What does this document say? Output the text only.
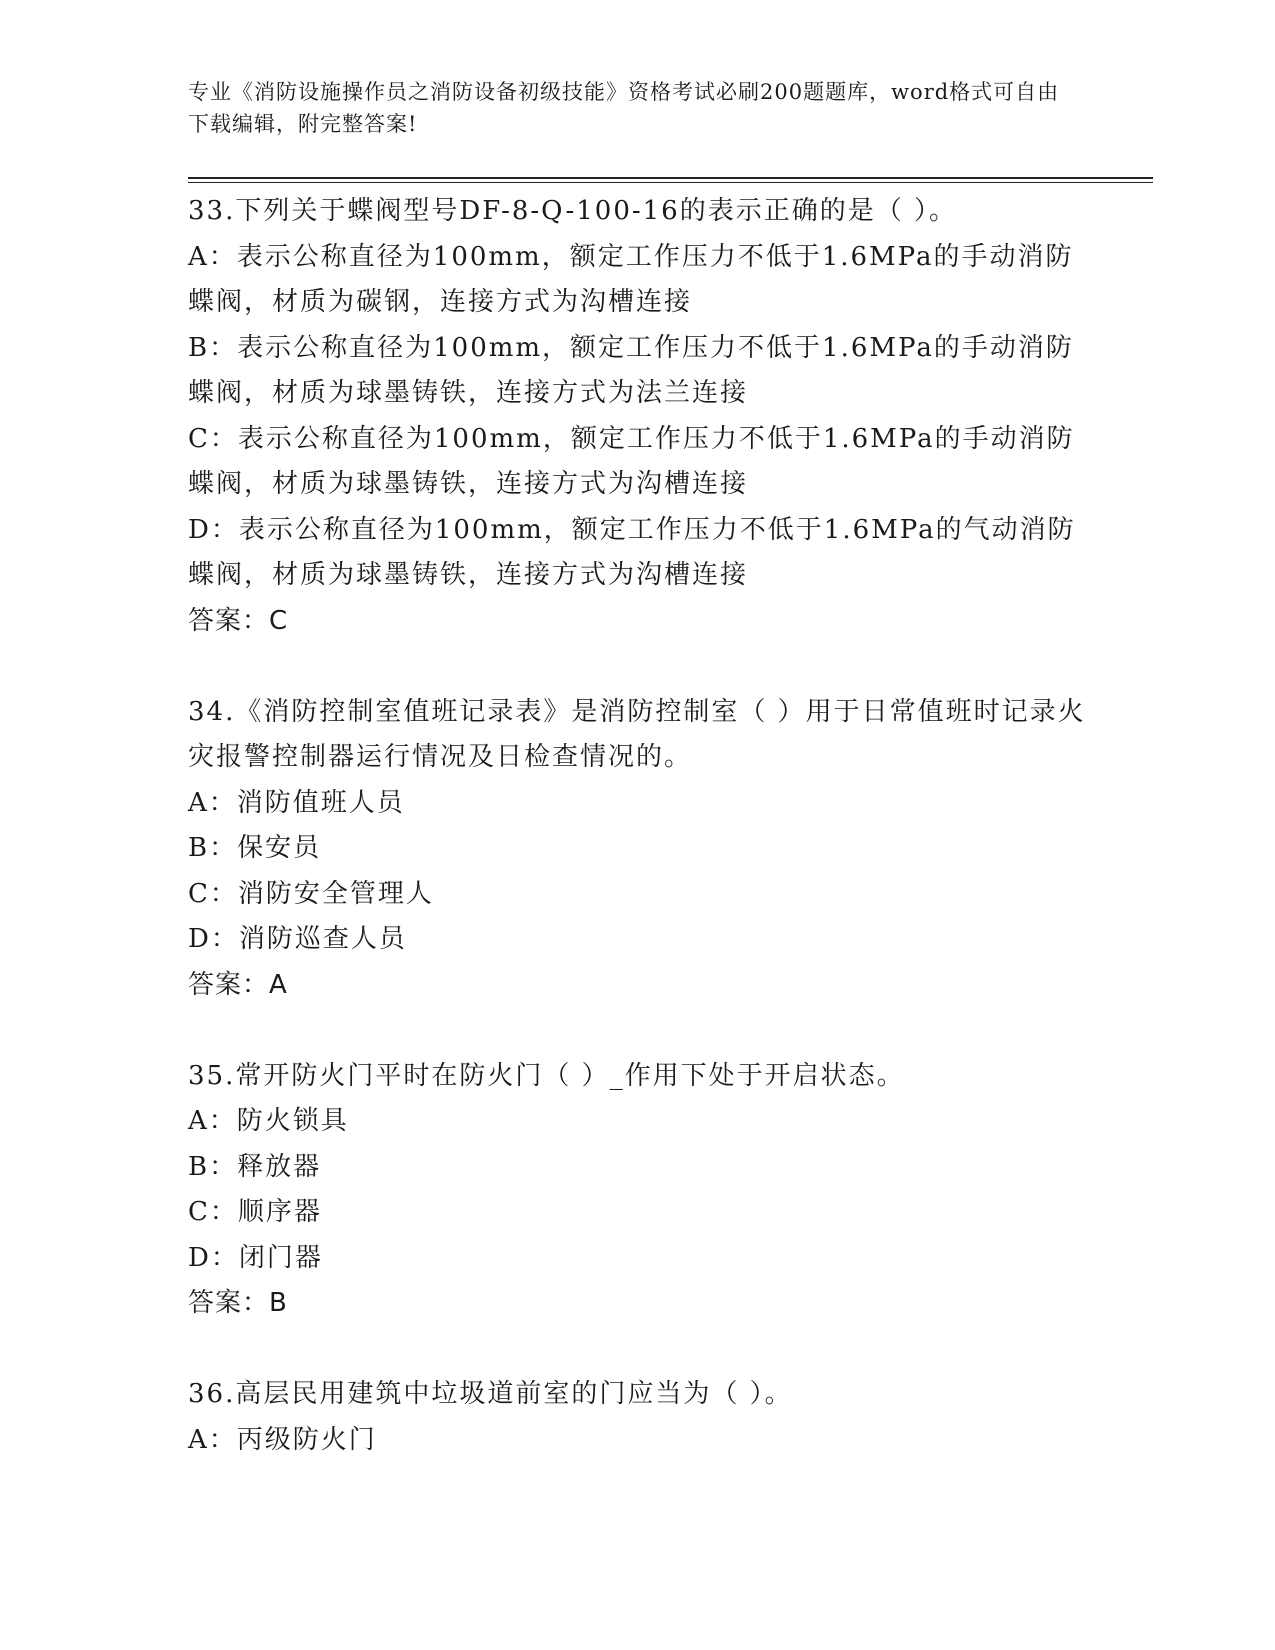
专业《消防设施操作员之消防设备初级技能》资格考试必刷200题题库，word格式可自由下载编辑，附完整答案!

33.下列关于蝶阀型号DF-8-Q-100-16的表示正确的是（ ）。

A：表示公称直径为100mm，额定工作压力不低于1.6MPa的手动消防蝶阀，材质为碳钢，连接方式为沟槽连接

B：表示公称直径为100mm，额定工作压力不低于1.6MPa的手动消防蝶阀，材质为球墨铸铁，连接方式为法兰连接

C：表示公称直径为100mm，额定工作压力不低于1.6MPa的手动消防蝶阀，材质为球墨铸铁，连接方式为沟槽连接

D：表示公称直径为100mm，额定工作压力不低于1.6MPa的气动消防蝶阀，材质为球墨铸铁，连接方式为沟槽连接

答案：C

34.《消防控制室值班记录表》是消防控制室（ ）用于日常值班时记录火灾报警控制器运行情况及日检查情况的。

A：消防值班人员

B：保安员

C：消防安全管理人

D：消防巡查人员

答案：A

35.常开防火门平时在防火门（ ）_作用下处于开启状态。

A：防火锁具

B：释放器

C：顺序器

D：闭门器

答案：B

36.高层民用建筑中垃圾道前室的门应当为（ ）。

A：丙级防火门
